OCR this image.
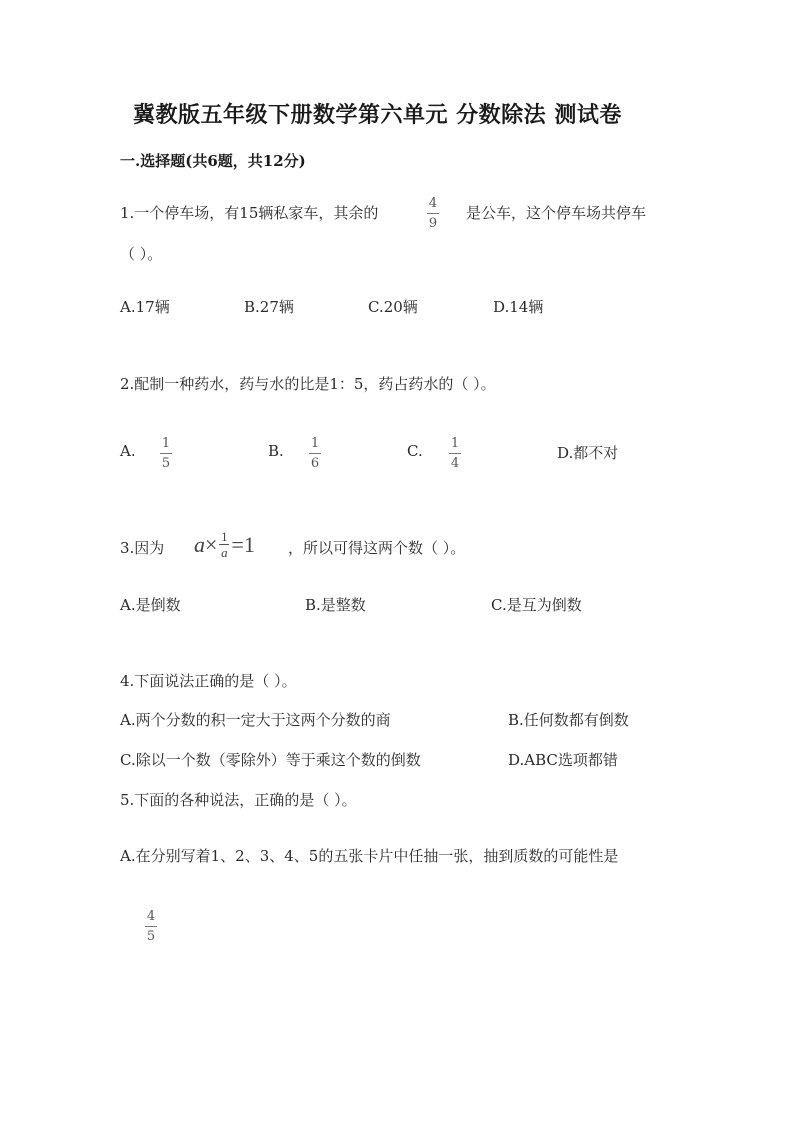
冀教版五年级下册数学第六单元 分数除法 测试卷
一.选择题(共6题，共12分)
1.一个停车场，有15辆私家车，其余的
4
9
是公车，这个停车场共停车
（ ）。
A.17辆	B.27辆	C.20辆	D.14辆
2.配制一种药水，药与水的比是1：5，药占药水的（ ）。
A. 1
5
B. 1
6
C. 1
4
D.都不对
3.因为 a × 1
a =1 ，所以可得这两个数（ ）。
A.是倒数	B.是整数	C.是互为倒数
4.下面说法正确的是（ ）。
A.两个分数的积一定大于这两个分数的商	B.任何数都有倒数
C.除以一个数（零除外）等于乘这个数的倒数	D.ABC选项都错
5.下面的各种说法，正确的是（ ）。
A.在分别写着1、2、3、4、5的五张卡片中任抽一张，抽到质数的可能性是
4
5
